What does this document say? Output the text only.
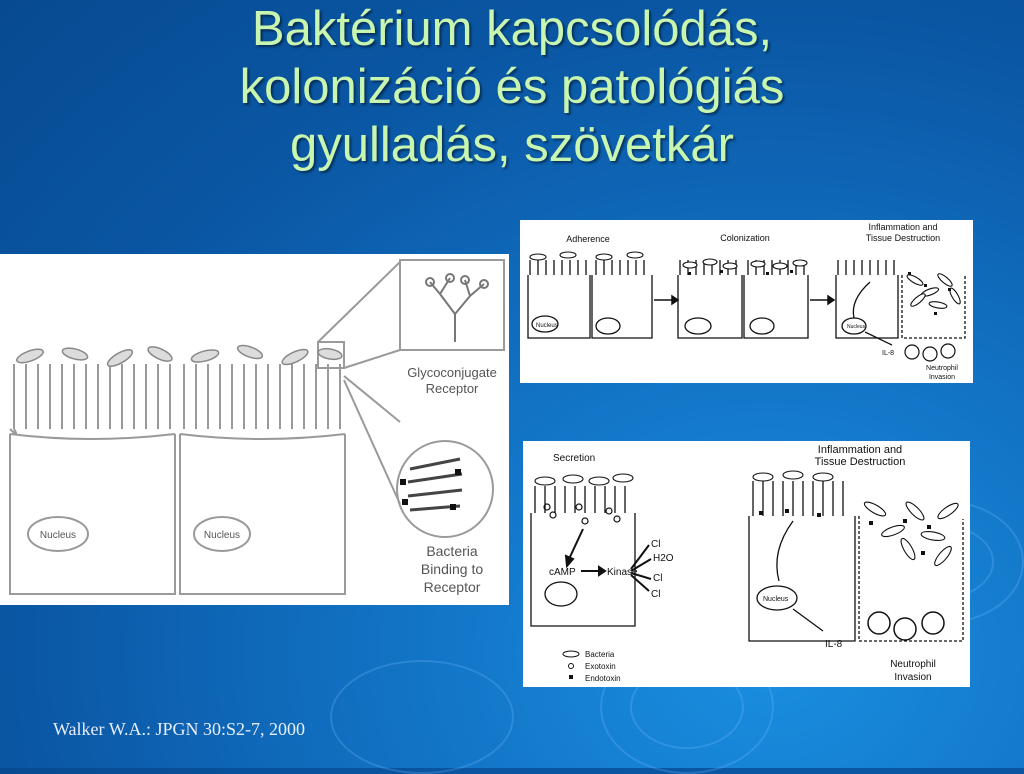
Baktérium kapcsolódás,
kolonizáció és patológiás
gyulladás, szövetkár
Nucleus	Nucleus
Glycoconjugate
Receptor
Bacteria
Binding to
Receptor
Adherence	Colonization
Inflammation and
Tissue Destruction
Nucleus	Nucleus
IL-8
Neutrophil
Invasion
Secretion
Inflammation and
Tissue Destruction
cAMP	Kinase
Cl
H2O
Cl
Cl	Nucleus
IL-8
Neutrophil
Invasion
Bacteria
Exotoxin
Endotoxin
Walker W.A.: JPGN 30:S2-7, 2000
